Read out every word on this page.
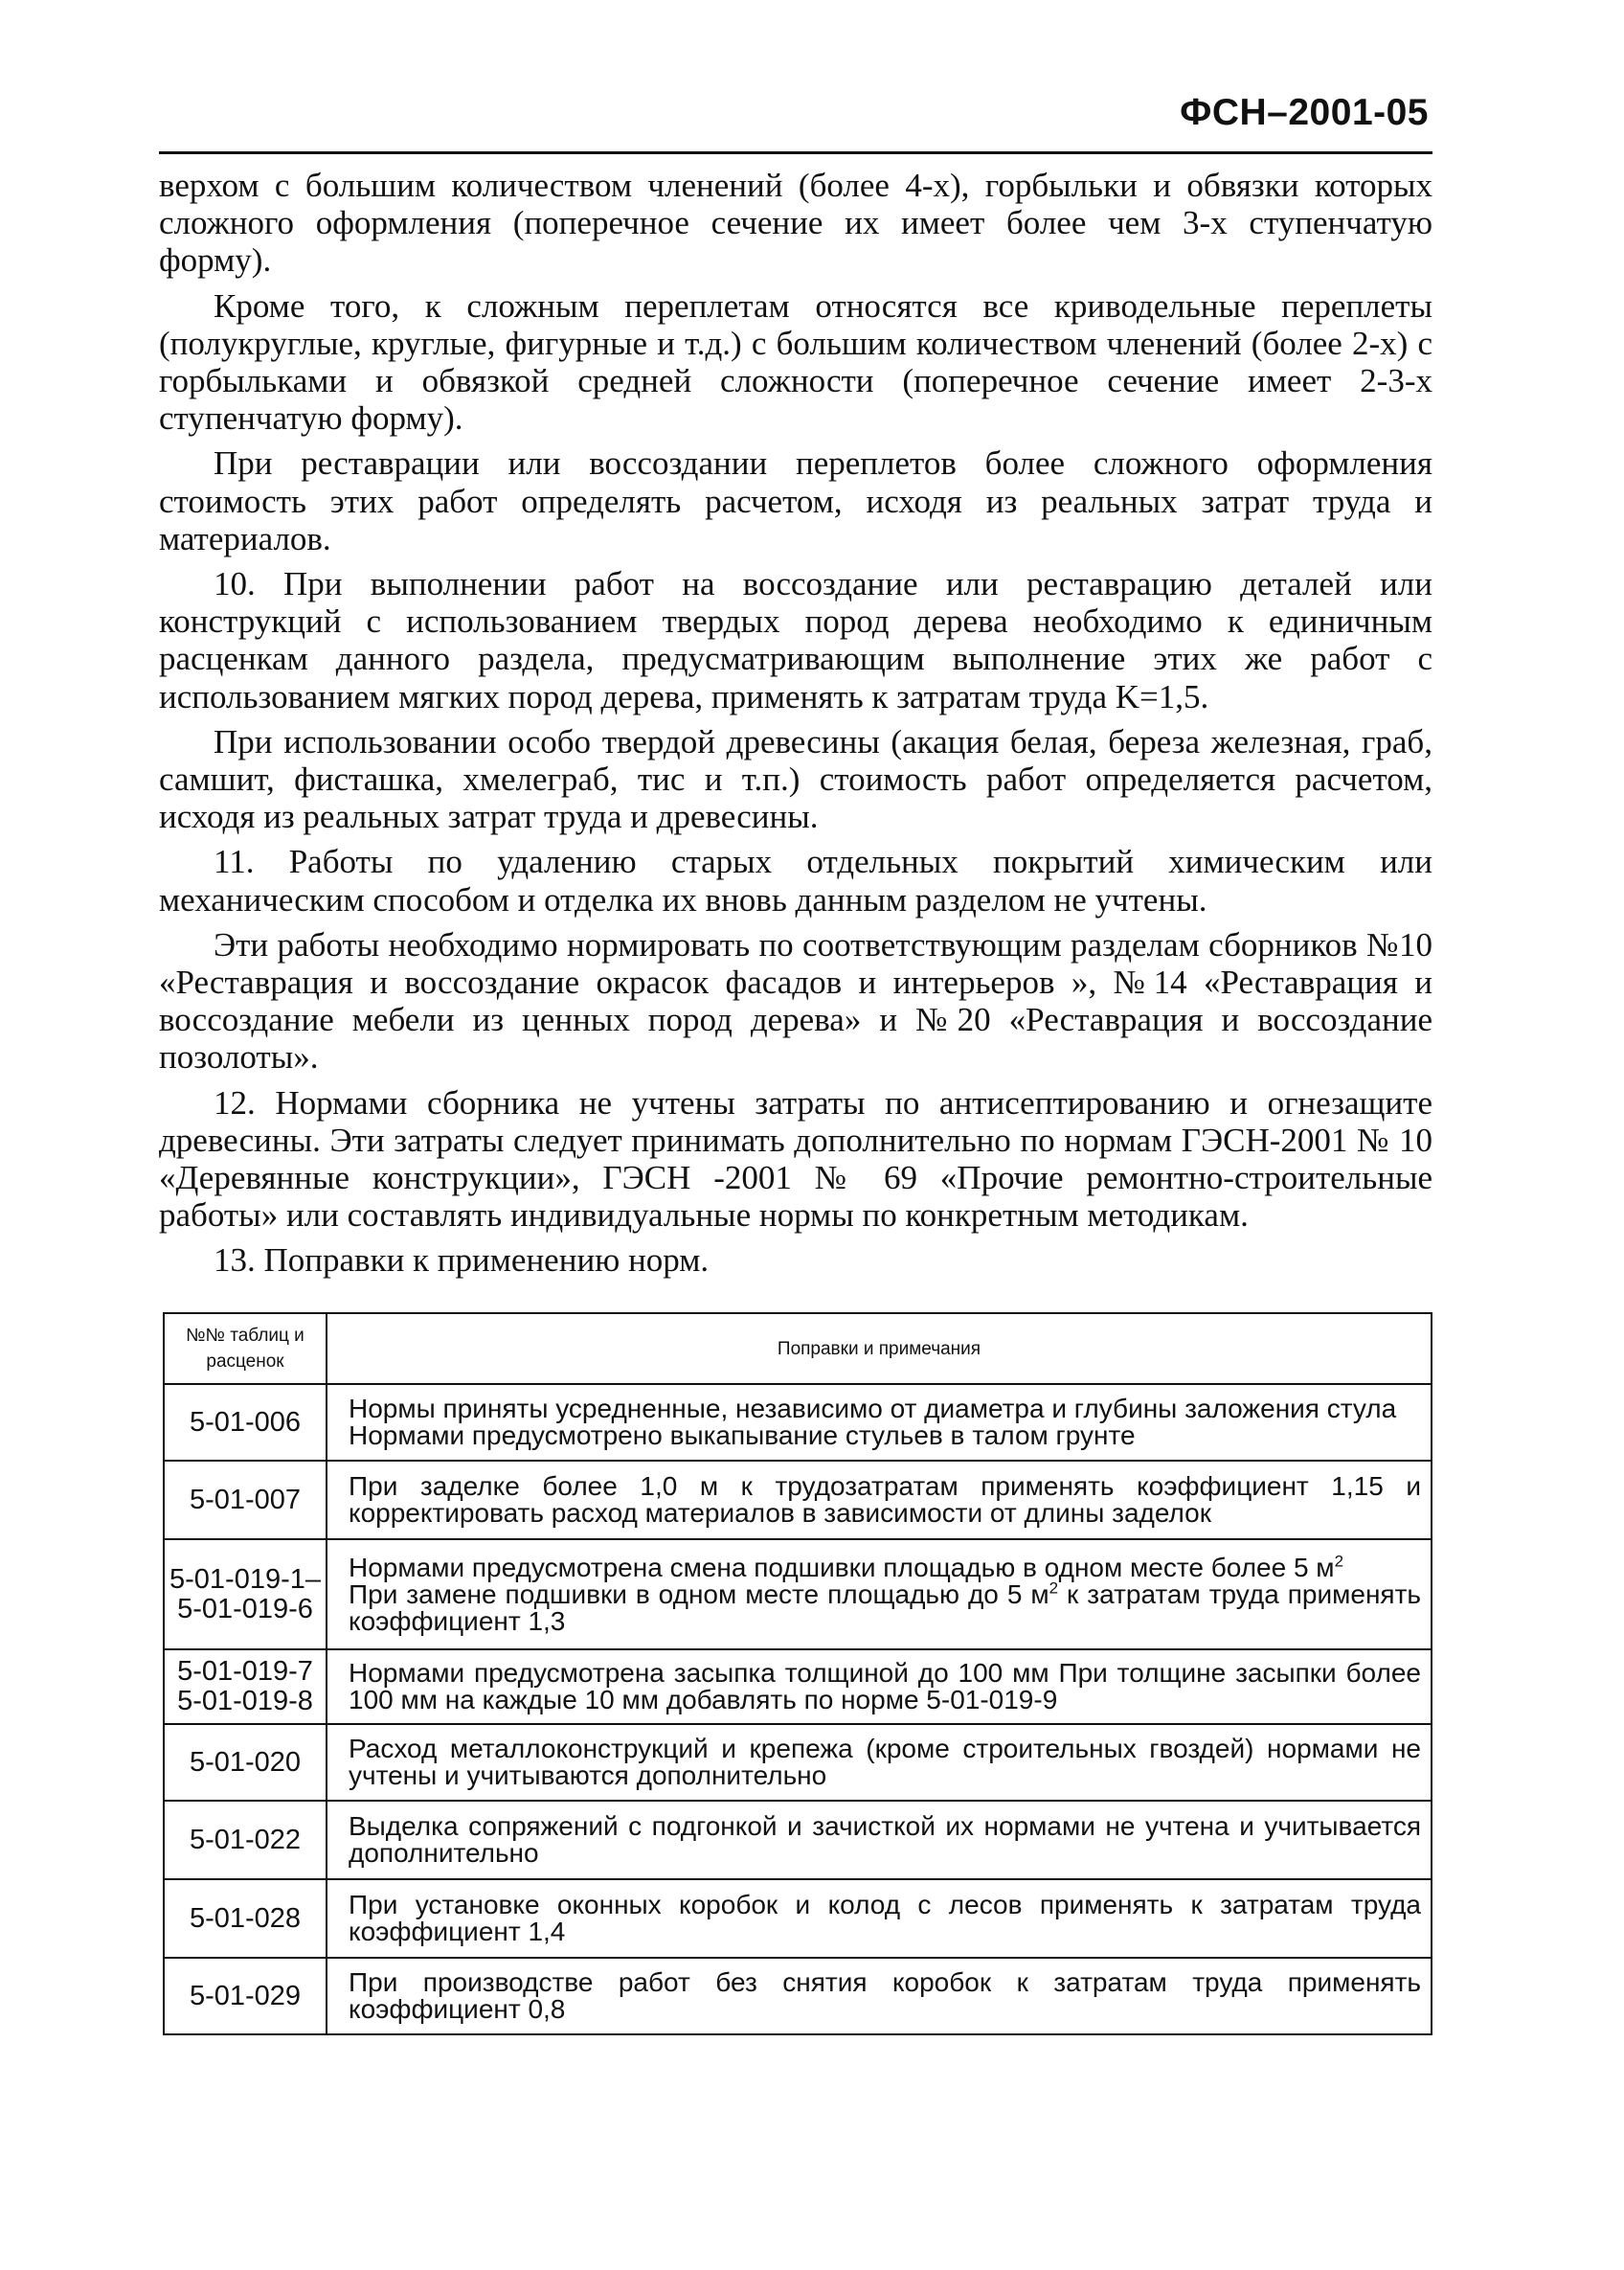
ФСН–2001-05

верхом с большим количеством членений (более 4-х), горбыльки и обвязки которых сложного оформления (поперечное сечение их имеет более чем 3-х ступенчатую форму).

Кроме того, к сложным переплетам относятся все криводельные переплеты (полукруглые, круглые, фигурные и т.д.) с большим количеством членений (более 2-х) с горбыльками и обвязкой средней сложности (поперечное сечение имеет 2-3-х ступенчатую форму).

При реставрации или воссоздании переплетов более сложного оформления стоимость этих работ определять расчетом, исходя из реальных затрат труда и материалов.

10. При выполнении работ на воссоздание или реставрацию деталей или конструкций с использованием твердых пород дерева необходимо к единичным расценкам данного раздела, предусматривающим выполнение этих же работ с использованием мягких пород дерева, применять к затратам труда K=1,5.

При использовании особо твердой древесины (акация белая, береза железная, граб, самшит, фисташка, хмелеграб, тис и т.п.) стоимость работ определяется расчетом, исходя из реальных затрат труда и древесины.

11. Работы по удалению старых отдельных покрытий химическим или механическим способом и отделка их вновь данным разделом не учтены.

Эти работы необходимо нормировать по соответствующим разделам сборников №10 «Реставрация и воссоздание окрасок фасадов и интерьеров », №14 «Реставрация и воссоздание мебели из ценных пород дерева» и №20 «Реставрация и воссоздание позолоты».

12. Нормами сборника не учтены затраты по антисептированию и огнезащите древесины. Эти затраты следует принимать дополнительно по нормам ГЭСН-2001 № 10 «Деревянные конструкции», ГЭСН -2001 № 69 «Прочие ремонтно-строительные работы» или составлять индивидуальные нормы по конкретным методикам.

13. Поправки к применению норм.

№№ таблиц и
расценок	Поправки и примечания

5-01-006	Нормы приняты усредненные, независимо от диаметра и глубины заложения стула
Нормами предусмотрено выкапывание стульев в талом грунте

5-01-007	При заделке более 1,0 м к трудозатратам применять коэффициент 1,15 и корректировать расход материалов в зависимости от длины заделок

5-01-019-1–
5-01-019-6	Нормами предусмотрена смена подшивки площадью в одном месте более 5 $м^2$
При замене подшивки в одном месте площадью до 5 $м^2$ к затратам труда применять коэффициент 1,3

5-01-019-7
5-01-019-8	Нормами предусмотрена засыпка толщиной до 100 мм При толщине засыпки более 100 мм на каждые 10 мм добавлять по норме 5-01-019-9

5-01-020	Расход металлоконструкций и крепежа (кроме строительных гвоздей) нормами не учтены и учитываются дополнительно

5-01-022	Выделка сопряжений с подгонкой и зачисткой их нормами не учтена и учитывается дополнительно

5-01-028	При установке оконных коробок и колод с лесов применять к затратам труда коэффициент 1,4

5-01-029	При производстве работ без снятия коробок к затратам труда применять коэффициент 0,8
